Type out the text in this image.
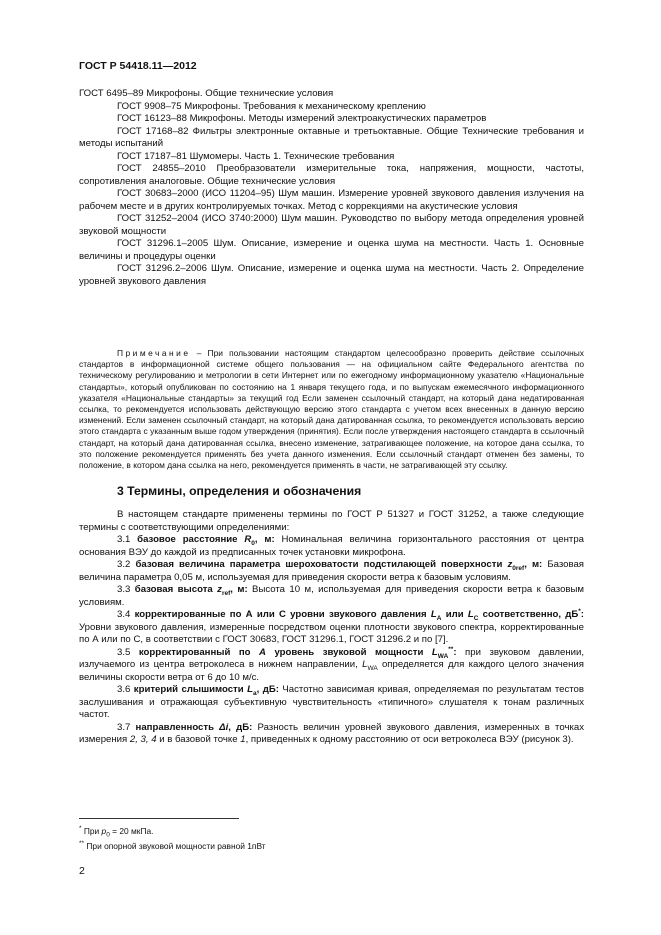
ГОСТ Р 54418.11—2012

ГОСТ 6495–89 Микрофоны. Общие технические условия

ГОСТ 9908–75 Микрофоны. Требования к механическому креплению

ГОСТ 16123–88 Микрофоны. Методы измерений электроакустических параметров

ГОСТ 17168–82 Фильтры электронные октавные и третьоктавные. Общие Технические требования и методы испытаний

ГОСТ 17187–81 Шумомеры. Часть 1. Технические требования

ГОСТ 24855–2010 Преобразователи измерительные тока, напряжения, мощности, частоты, сопротивления аналоговые. Общие технические условия

ГОСТ 30683–2000 (ИСО 11204–95) Шум машин. Измерение уровней звукового давления излучения на рабочем месте и в других контролируемых точках. Метод с коррекциями на акустические условия

ГОСТ 31252–2004 (ИСО 3740:2000) Шум машин. Руководство по выбору метода определения уровней звуковой мощности

ГОСТ 31296.1–2005 Шум. Описание, измерение и оценка шума на местности. Часть 1. Основные величины и процедуры оценки

ГОСТ 31296.2–2006 Шум. Описание, измерение и оценка шума на местности. Часть 2. Определение уровней звукового давления

Примечание – При пользовании настоящим стандартом целесообразно проверить действие ссылочных стандартов в информационной системе общего пользования — на официальном сайте Федерального агентства по техническому регулированию и метрологии в сети Интернет или по ежегодному информационному указателю «Национальные стандарты», который опубликован по состоянию на 1 января текущего года, и по выпускам ежемесячного информационного указателя «Национальные стандарты» за текущий год Если заменен ссылочный стандарт, на который дана недатированная ссылка, то рекомендуется использовать действующую версию этого стандарта с учетом всех внесенных в данную версию изменений. Если заменен ссылочный стандарт, на который дана датированная ссылка, то рекомендуется использовать версию этого стандарта с указанным выше годом утверждения (принятия). Если после утверждения настоящего стандарта в ссылочный стандарт, на который дана датированная ссылка, внесено изменение, затрагивающее положение, на которое дана ссылка, то это положение рекомендуется применять без учета данного изменения. Если ссылочный стандарт отменен без замены, то положение, в котором дана ссылка на него, рекомендуется применять в части, не затрагивающей эту ссылку.

3 Термины, определения и обозначения

В настоящем стандарте применены термины по ГОСТ Р 51327 и ГОСТ 31252, а также следующие термины с соответствующими определениями:

3.1 базовое расстояние $R_0$, м: Номинальная величина горизонтального расстояния от центра основания ВЭУ до каждой из предписанных точек установки микрофона.

3.2 базовая величина параметра шероховатости подстилающей поверхности $z_{0ref}$, м: Базовая величина параметра 0,05 м, используемая для приведения скорости ветра к базовым условиям.

3.3 базовая высота $z_{ref}$, м: Высота 10 м, используемая для приведения скорости ветра к базовым условиям.

3.4 корректированные по А или С уровни звукового давления $L_A$ или $L_C$ соответственно, дБ*: Уровни звукового давления, измеренные посредством оценки плотности звукового спектра, корректированные по А или по С, в соответствии с ГОСТ 30683, ГОСТ 31296.1, ГОСТ 31296.2 и по [7].

3.5 корректированный по А уровень звуковой мощности $L_{WA}^{**}$: при звуковом давлении, излучаемого из центра ветроколеса в нижнем направлении, $L_{WA}$ определяется для каждого целого значения величины скорости ветра от 6 до 10 м/с.

3.6 критерий слышимости $L_a$, дБ: Частотно зависимая кривая, определяемая по результатам тестов заслушивания и отражающая субъективную чувствительность «типичного» слушателя к тонам различных частот.

3.7 направленность Δi, дБ: Разность величин уровней звукового давления, измеренных в точках измерения 2, 3, 4 и в базовой точке 1, приведенных к одному расстоянию от оси ветроколеса ВЭУ (рисунок 3).

* При $p_0 = 20$ мкПа.
** При опорной звуковой мощности равной 1пВт
2
